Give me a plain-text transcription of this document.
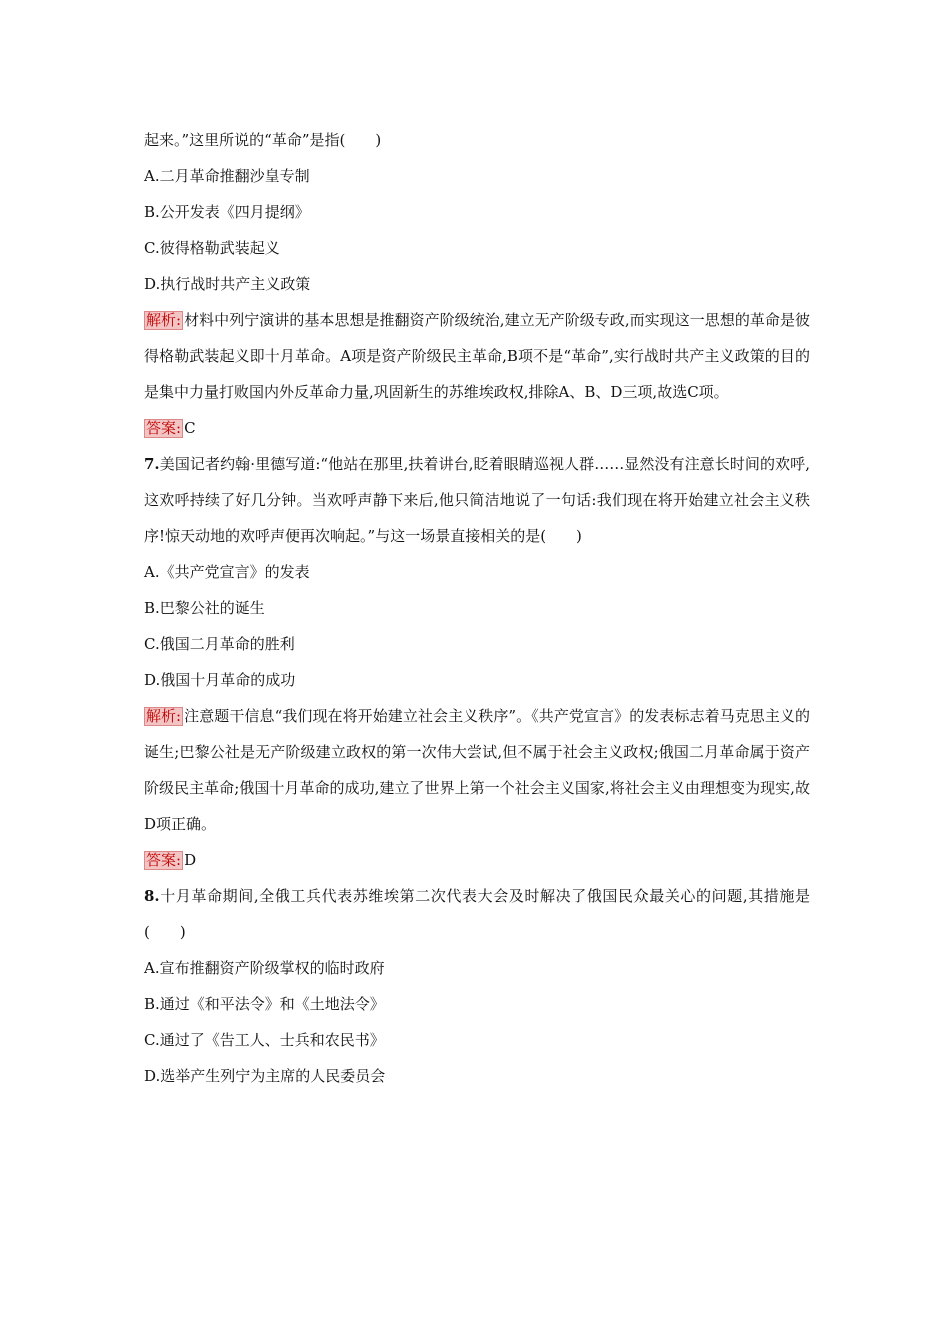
起来。”这里所说的“革命”是指(　　)
A.二月革命推翻沙皇专制
B.公开发表《四月提纲》
C.彼得格勒武装起义
D.执行战时共产主义政策

解析: 材料中列宁演讲的基本思想是推翻资产阶级统治,建立无产阶级专政,而实现这一思想的革命是彼得格勒武装起义即十月革命。A项是资产阶级民主革命,B项不是“革命”,实行战时共产主义政策的目的是集中力量打败国内外反革命力量,巩固新生的苏维埃政权,排除A、B、D三项,故选C项。

答案: C

7.美国记者约翰·里德写道:“他站在那里,扶着讲台,眨着眼睛巡视人群……显然没有注意长时间的欢呼,这欢呼持续了好几分钟。当欢呼声静下来后,他只简洁地说了一句话:我们现在将开始建立社会主义秩序!惊天动地的欢呼声便再次响起。”与这一场景直接相关的是(　　)

A.《共产党宣言》的发表
B.巴黎公社的诞生
C.俄国二月革命的胜利
D.俄国十月革命的成功

解析: 注意题干信息“我们现在将开始建立社会主义秩序”。《共产党宣言》的发表标志着马克思主义的诞生;巴黎公社是无产阶级建立政权的第一次伟大尝试,但不属于社会主义政权;俄国二月革命属于资产阶级民主革命;俄国十月革命的成功,建立了世界上第一个社会主义国家,将社会主义由理想变为现实,故D项正确。

答案: D

8.十月革命期间,全俄工兵代表苏维埃第二次代表大会及时解决了俄国民众最关心的问题,其措施是(　　)

A.宣布推翻资产阶级掌权的临时政府
B.通过《和平法令》和《土地法令》
C.通过了《告工人、士兵和农民书》
D.选举产生列宁为主席的人民委员会
